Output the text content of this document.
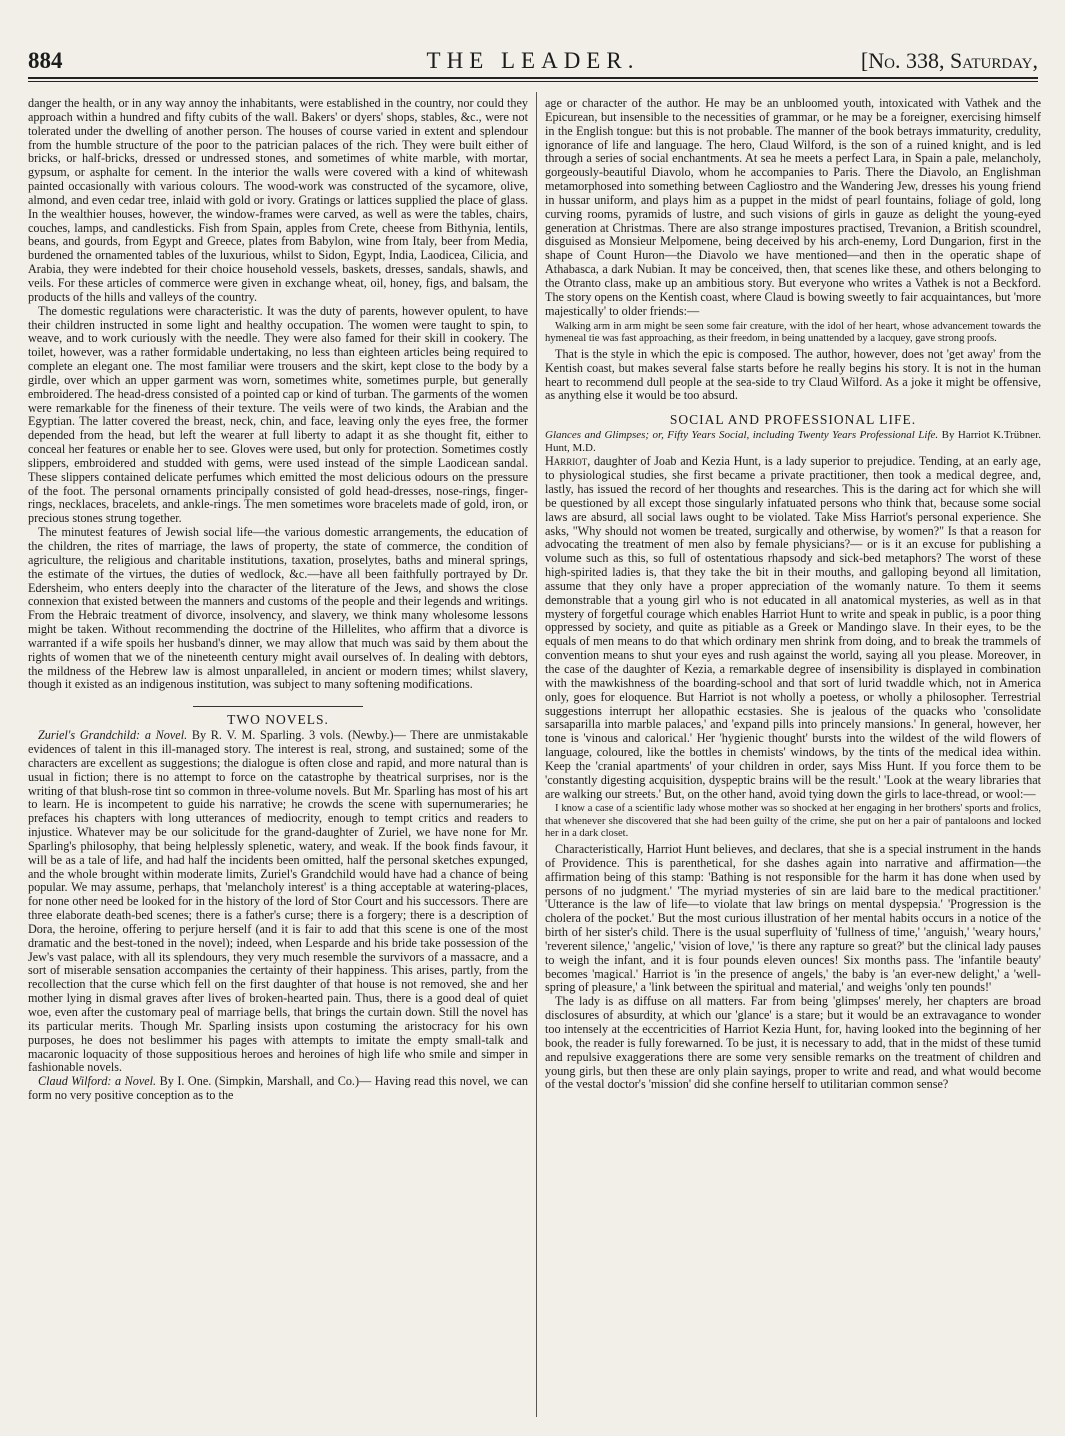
884	THE LEADER.	[No. 338, Saturday,

danger the health, or in any way annoy the inhabitants, were established in the country, nor could they approach within a hundred and fifty cubits of the wall. Bakers' or dyers' shops, stables, &c., were not tolerated under the dwelling of another person. The houses of course varied in extent and splendour from the humble structure of the poor to the patrician palaces of the rich. They were built either of bricks, or half-bricks, dressed or undressed stones, and sometimes of white marble, with mortar, gypsum, or asphalte for cement. In the interior the walls were covered with a kind of whitewash painted occasionally with various colours. The wood-work was constructed of the sycamore, olive, almond, and even cedar tree, inlaid with gold or ivory. Gratings or lattices supplied the place of glass. In the wealthier houses, however, the window-frames were carved, as well as were the tables, chairs, couches, lamps, and candlesticks. Fish from Spain, apples from Crete, cheese from Bithynia, lentils, beans, and gourds, from Egypt and Greece, plates from Babylon, wine from Italy, beer from Media, burdened the ornamented tables of the luxurious, whilst to Sidon, Egypt, India, Laodicea, Cilicia, and Arabia, they were indebted for their choice household vessels, baskets, dresses, sandals, shawls, and veils. For these articles of commerce were given in exchange wheat, oil, honey, figs, and balsam, the products of the hills and valleys of the country.

The domestic regulations were characteristic. It was the duty of parents, however opulent, to have their children instructed in some light and healthy occupation. The women were taught to spin, to weave, and to work curiously with the needle. They were also famed for their skill in cookery. The toilet, however, was a rather formidable undertaking, no less than eighteen articles being required to complete an elegant one. The most familiar were trousers and the skirt, kept close to the body by a girdle, over which an upper garment was worn, sometimes white, sometimes purple, but generally embroidered. The head-dress consisted of a pointed cap or kind of turban. The garments of the women were remarkable for the fineness of their texture. The veils were of two kinds, the Arabian and the Egyptian. The latter covered the breast, neck, chin, and face, leaving only the eyes free, the former depended from the head, but left the wearer at full liberty to adapt it as she thought fit, either to conceal her features or enable her to see. Gloves were used, but only for protection. Sometimes costly slippers, embroidered and studded with gems, were used instead of the simple Laodicean sandal. These slippers contained delicate perfumes which emitted the most delicious odours on the pressure of the foot. The personal ornaments principally consisted of gold head-dresses, nose-rings, finger-rings, necklaces, bracelets, and ankle-rings. The men sometimes wore bracelets made of gold, iron, or precious stones strung together.

The minutest features of Jewish social life—the various domestic arrangements, the education of the children, the rites of marriage, the laws of property, the state of commerce, the condition of agriculture, the religious and charitable institutions, taxation, proselytes, baths and mineral springs, the estimate of the virtues, the duties of wedlock, &c.—have all been faithfully portrayed by Dr. Edersheim, who enters deeply into the character of the literature of the Jews, and shows the close connexion that existed between the manners and customs of the people and their legends and writings. From the Hebraic treatment of divorce, insolvency, and slavery, we think many wholesome lessons might be taken. Without recommending the doctrine of the Hillelites, who affirm that a divorce is warranted if a wife spoils her husband's dinner, we may allow that much was said by them about the rights of women that we of the nineteenth century might avail ourselves of. In dealing with debtors, the mildness of the Hebrew law is almost unparalleled, in ancient or modern times; whilst slavery, though it existed as an indigenous institution, was subject to many softening modifications.

TWO NOVELS.

Zuriel's Grandchild: a Novel. By R. V. M. Sparling. 3 vols. (Newby.)— There are unmistakable evidences of talent in this ill-managed story. The interest is real, strong, and sustained; some of the characters are excellent as suggestions; the dialogue is often close and rapid, and more natural than is usual in fiction; there is no attempt to force on the catastrophe by theatrical surprises, nor is the writing of that blush-rose tint so common in three-volume novels. But Mr. Sparling has most of his art to learn. He is incompetent to guide his narrative; he crowds the scene with supernumeraries; he prefaces his chapters with long utterances of mediocrity, enough to tempt critics and readers to injustice. Whatever may be our solicitude for the grand-daughter of Zuriel, we have none for Mr. Sparling's philosophy, that being helplessly splenetic, watery, and weak. If the book finds favour, it will be as a tale of life, and had half the incidents been omitted, half the personal sketches expunged, and the whole brought within moderate limits, Zuriel's Grandchild would have had a chance of being popular. We may assume, perhaps, that 'melancholy interest' is a thing acceptable at watering-places, for none other need be looked for in the history of the lord of Stor Court and his successors. There are three elaborate death-bed scenes; there is a father's curse; there is a forgery; there is a description of Dora, the heroine, offering to perjure herself (and it is fair to add that this scene is one of the most dramatic and the best-toned in the novel); indeed, when Lesparde and his bride take possession of the Jew's vast palace, with all its splendours, they very much resemble the survivors of a massacre, and a sort of miserable sensation accompanies the certainty of their happiness. This arises, partly, from the recollection that the curse which fell on the first daughter of that house is not removed, she and her mother lying in dismal graves after lives of broken-hearted pain. Thus, there is a good deal of quiet woe, even after the customary peal of marriage bells, that brings the curtain down. Still the novel has its particular merits. Though Mr. Sparling insists upon costuming the aristocracy for his own purposes, he does not beslimmer his pages with attempts to imitate the empty small-talk and macaronic loquacity of those suppositious heroes and heroines of high life who smile and simper in fashionable novels.

Claud Wilford: a Novel. By I. One. (Simpkin, Marshall, and Co.)— Having read this novel, we can form no very positive conception as to the

age or character of the author. He may be an unbloomed youth, intoxicated with Vathek and the Epicurean, but insensible to the necessities of grammar, or he may be a foreigner, exercising himself in the English tongue: but this is not probable. The manner of the book betrays immaturity, credulity, ignorance of life and language. The hero, Claud Wilford, is the son of a ruined knight, and is led through a series of social enchantments. At sea he meets a perfect Lara, in Spain a pale, melancholy, gorgeously-beautiful Diavolo, whom he accompanies to Paris. There the Diavolo, an Englishman metamorphosed into something between Cagliostro and the Wandering Jew, dresses his young friend in hussar uniform, and plays him as a puppet in the midst of pearl fountains, foliage of gold, long curving rooms, pyramids of lustre, and such visions of girls in gauze as delight the young-eyed generation at Christmas. There are also strange impostures practised, Trevanion, a British scoundrel, disguised as Monsieur Melpomene, being deceived by his arch-enemy, Lord Dungarion, first in the shape of Count Huron—the Diavolo we have mentioned—and then in the operatic shape of Athabasca, a dark Nubian. It may be conceived, then, that scenes like these, and others belonging to the Otranto class, make up an ambitious story. But everyone who writes a Vathek is not a Beckford. The story opens on the Kentish coast, where Claud is bowing sweetly to fair acquaintances, but 'more majestically' to older friends:—

Walking arm in arm might be seen some fair creature, with the idol of her heart, whose advancement towards the hymeneal tie was fast approaching, as their freedom, in being unattended by a lacquey, gave strong proofs.

That is the style in which the epic is composed. The author, however, does not 'get away' from the Kentish coast, but makes several false starts before he really begins his story. It is not in the human heart to recommend dull people at the sea-side to try Claud Wilford. As a joke it might be offensive, as anything else it would be too absurd.

SOCIAL AND PROFESSIONAL LIFE.

Trübner.
Glances and Glimpses; or, Fifty Years Social, including Twenty Years Professional Life. By Harriot K. Hunt, M.D.

Harriot, daughter of Joab and Kezia Hunt, is a lady superior to prejudice. Tending, at an early age, to physiological studies, she first became a private practitioner, then took a medical degree, and, lastly, has issued the record of her thoughts and researches. This is the daring act for which she will be questioned by all except those singularly infatuated persons who think that, because some social laws are absurd, all social laws ought to be violated. Take Miss Harriot's personal experience. She asks, "Why should not women be treated, surgically and otherwise, by women?" Is that a reason for advocating the treatment of men also by female physicians?— or is it an excuse for publishing a volume such as this, so full of ostentatious rhapsody and sick-bed metaphors? The worst of these high-spirited ladies is, that they take the bit in their mouths, and galloping beyond all limitation, assume that they only have a proper appreciation of the womanly nature. To them it seems demonstrable that a young girl who is not educated in all anatomical mysteries, as well as in that mystery of forgetful courage which enables Harriot Hunt to write and speak in public, is a poor thing oppressed by society, and quite as pitiable as a Greek or Mandingo slave. In their eyes, to be the equals of men means to do that which ordinary men shrink from doing, and to break the trammels of convention means to shut your eyes and rush against the world, saying all you please. Moreover, in the case of the daughter of Kezia, a remarkable degree of insensibility is displayed in combination with the mawkishness of the boarding-school and that sort of lurid twaddle which, not in America only, goes for eloquence. But Harriot is not wholly a poetess, or wholly a philosopher. Terrestrial suggestions interrupt her allopathic ecstasies. She is jealous of the quacks who 'consolidate sarsaparilla into marble palaces,' and 'expand pills into princely mansions.' In general, however, her tone is 'vinous and calorical.' Her 'hygienic thought' bursts into the wildest of the wild flowers of language, coloured, like the bottles in chemists' windows, by the tints of the medical idea within. Keep the 'cranial apartments' of your children in order, says Miss Hunt. If you force them to be 'constantly digesting acquisition, dyspeptic brains will be the result.' 'Look at the weary libraries that are walking our streets.' But, on the other hand, avoid tying down the girls to lace-thread, or wool:—

I know a case of a scientific lady whose mother was so shocked at her engaging in her brothers' sports and frolics, that whenever she discovered that she had been guilty of the crime, she put on her a pair of pantaloons and locked her in a dark closet.

Characteristically, Harriot Hunt believes, and declares, that she is a special instrument in the hands of Providence. This is parenthetical, for she dashes again into narrative and affirmation—the affirmation being of this stamp: 'Bathing is not responsible for the harm it has done when used by persons of no judgment.' 'The myriad mysteries of sin are laid bare to the medical practitioner.' 'Utterance is the law of life—to violate that law brings on mental dyspepsia.' 'Progression is the cholera of the pocket.' But the most curious illustration of her mental habits occurs in a notice of the birth of her sister's child. There is the usual superfluity of 'fullness of time,' 'anguish,' 'weary hours,' 'reverent silence,' 'angelic,' 'vision of love,' 'is there any rapture so great?' but the clinical lady pauses to weigh the infant, and it is four pounds eleven ounces! Six months pass. The 'infantile beauty' becomes 'magical.' Harriot is 'in the presence of angels,' the baby is 'an ever-new delight,' a 'well-spring of pleasure,' a 'link between the spiritual and material,' and weighs 'only ten pounds!'

The lady is as diffuse on all matters. Far from being 'glimpses' merely, her chapters are broad disclosures of absurdity, at which our 'glance' is a stare; but it would be an extravagance to wonder too intensely at the eccentricities of Harriot Kezia Hunt, for, having looked into the beginning of her book, the reader is fully forewarned. To be just, it is necessary to add, that in the midst of these tumid and repulsive exaggerations there are some very sensible remarks on the treatment of children and young girls, but then these are only plain sayings, proper to write and read, and what would become of the vestal doctor's 'mission' did she confine herself to utilitarian common sense?
